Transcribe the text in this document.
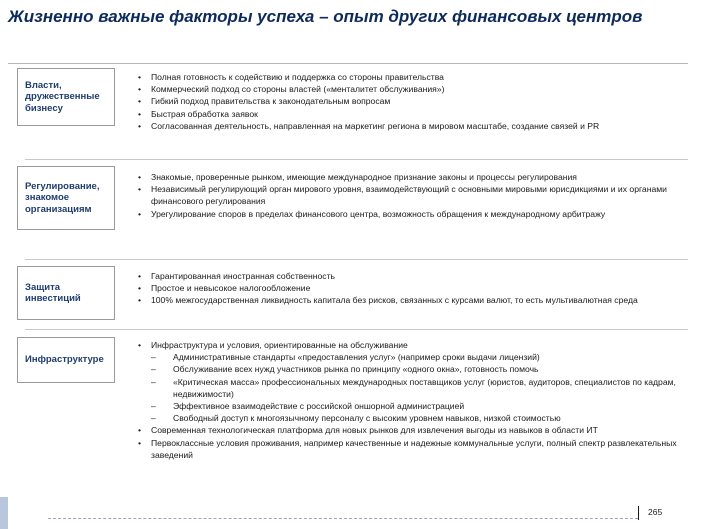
Жизненно важные факторы успеха – опыт других финансовых центров
Власти, дружественные бизнесу
•	Полная готовность к содействию и поддержка со стороны правительства
•	Коммерческий подход со стороны властей («менталитет обслуживания»)
•	Гибкий подход правительства к законодательным вопросам
•	Быстрая обработка заявок
•	Согласованная деятельность, направленная на маркетинг региона в мировом масштабе, создание связей и PR
Регулирование, знакомое организациям
•	Знакомые, проверенные рынком, имеющие международное признание законы и процессы регулирования
•	Независимый регулирующий орган мирового уровня, взаимодействующий с основными мировыми юрисдикциями и их органами финансового регулирования
•	Урегулирование споров в пределах финансового центра, возможность обращения к международному арбитражу
Защита инвестиций
•	Гарантированная иностранная собственность
•	Простое и невысокое налогообложение
•	100% межгосударственная ликвидность капитала без рисков, связанных с курсами валют, то есть мультивалютная среда
Инфраструктуре
•	Инфраструктура и условия, ориентированные на обслуживание
–	Административные стандарты «предоставления услуг» (например сроки выдачи лицензий)
–	Обслуживание всех нужд участников рынка по принципу «одного окна», готовность помочь
–	«Критическая масса» профессиональных международных поставщиков услуг (юристов, аудиторов, специалистов по кадрам, недвижимости)
–	Эффективное взаимодействие с российской оншорной администрацией
–	Свободный доступ к многоязычному персоналу с высоким уровнем навыков, низкой стоимостью
•	Современная технологическая платформа для новых рынков для извлечения выгоды из навыков в области ИТ
•	Первоклассные условия проживания, например качественные и надежные коммунальные услуги, полный спектр развлекательных заведений
265
